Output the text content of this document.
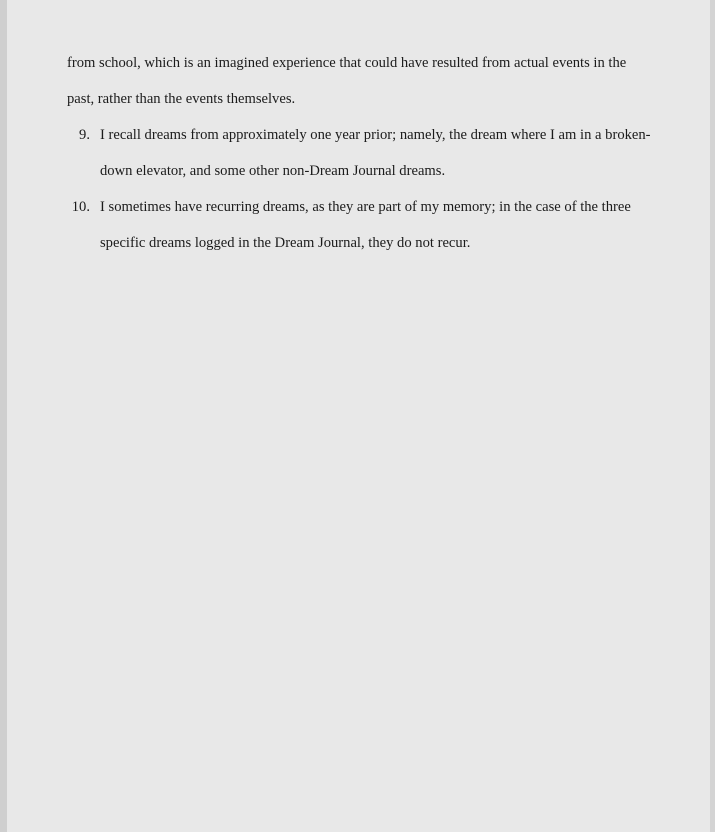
from school, which is an imagined experience that could have resulted from actual events in the past, rather than the events themselves.

9. I recall dreams from approximately one year prior; namely, the dream where I am in a broken-down elevator, and some other non-Dream Journal dreams.
10. I sometimes have recurring dreams, as they are part of my memory; in the case of the three specific dreams logged in the Dream Journal, they do not recur.
